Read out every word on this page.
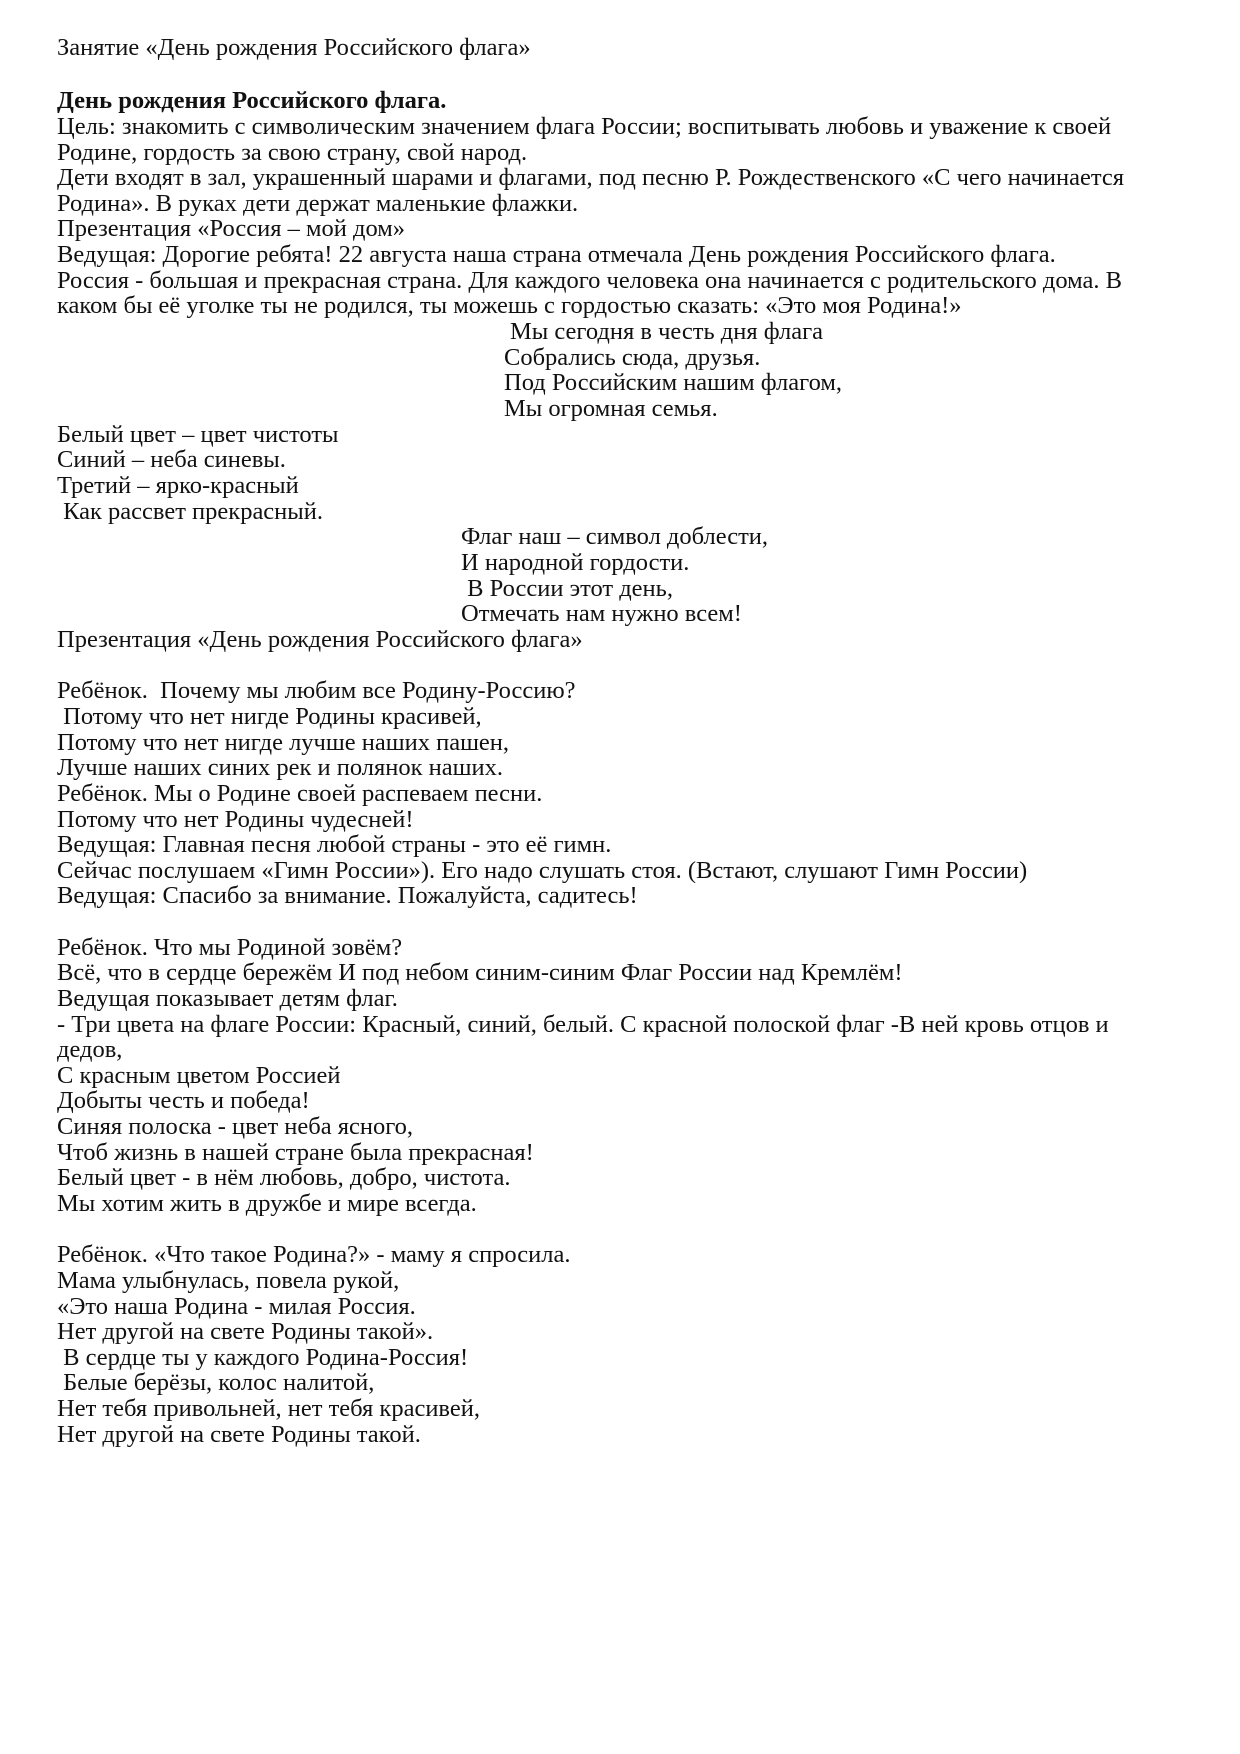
Занятие «День рождения Российского флага»
День рождения Российского флага.
Цель: знакомить с символическим значением флага России; воспитывать любовь и уважение к своей
Родине, гордость за свою страну, свой народ.
Дети входят в зал, украшенный шарами и флагами, под песню Р. Рождественского «С чего начинается
Родина». В руках дети держат маленькие флажки.
Презентация «Россия – мой дом»
Ведущая: Дорогие ребята! 22 августа наша страна отмечала День рождения Российского флага.
Россия - большая и прекрасная страна. Для каждого человека она начинается с родительского дома. В
каком бы её уголке ты не родился, ты можешь с гордостью сказать: «Это моя Родина!»
Мы сегодня в честь дня флага
Собрались сюда, друзья.
Под Российским нашим флагом,
Мы огромная семья.
Белый цвет – цвет чистоты
Синий – неба синевы.
Третий – ярко-красный
Как рассвет прекрасный.
Флаг наш – символ доблести,
И народной гордости.
В России этот день,
Отмечать нам нужно всем!
Презентация «День рождения Российского флага»
Ребёнок.  Почему мы любим все Родину-Россию?
Потому что нет нигде Родины красивей,
Потому что нет нигде лучше наших пашен,
Лучше наших синих рек и полянок наших.
Ребёнок. Мы о Родине своей распеваем песни.
Потому что нет Родины чудесней!
Ведущая: Главная песня любой страны - это её гимн.
Сейчас послушаем «Гимн России»). Его надо слушать стоя. (Встают, слушают Гимн России)
Ведущая: Спасибо за внимание. Пожалуйста, садитесь!
Ребёнок. Что мы Родиной зовём?
Всё, что в сердце бережём И под небом синим-синим Флаг России над Кремлём!
Ведущая показывает детям флаг.
- Три цвета на флаге России: Красный, синий, белый. С красной полоской флаг -В ней кровь отцов и
дедов,
С красным цветом Россией
Добыты честь и победа!
Синяя полоска - цвет неба ясного,
Чтоб жизнь в нашей стране была прекрасная!
Белый цвет - в нём любовь, добро, чистота.
Мы хотим жить в дружбе и мире всегда.
Ребёнок. «Что такое Родина?» - маму я спросила.
Мама улыбнулась, повела рукой,
«Это наша Родина - милая Россия.
Нет другой на свете Родины такой».
В сердце ты у каждого Родина-Россия!
Белые берёзы, колос налитой,
Нет тебя привольней, нет тебя красивей,
Нет другой на свете Родины такой.
